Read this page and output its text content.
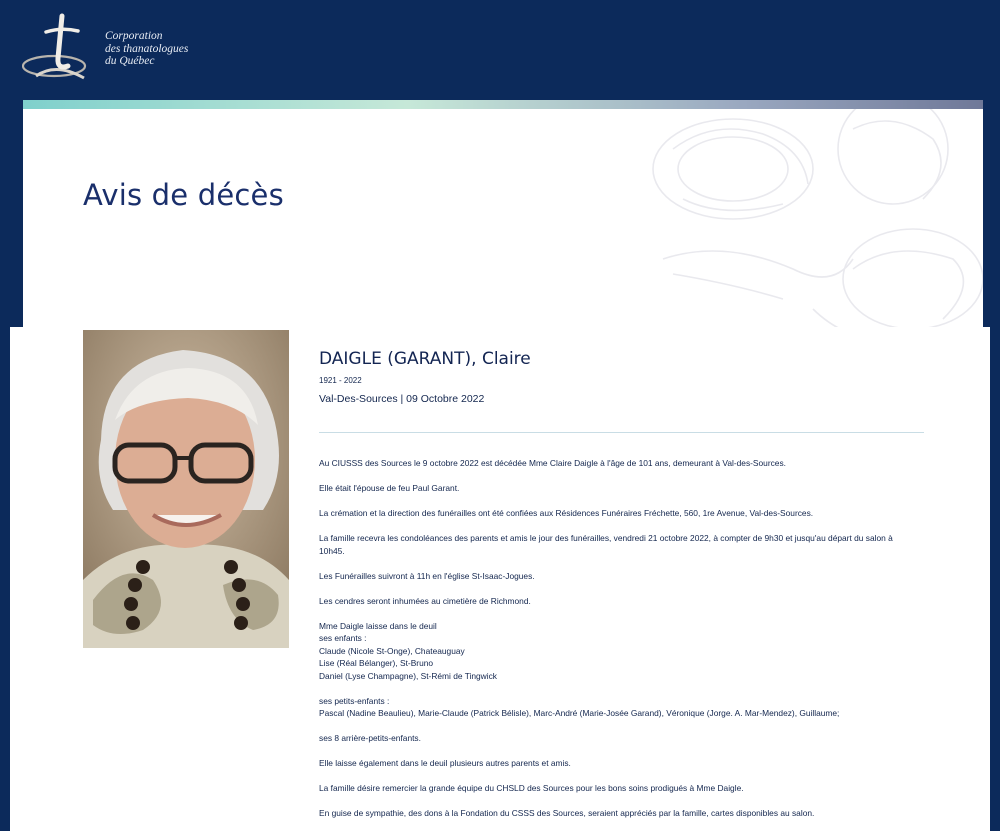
Corporation
des thanatologues
du Québec
Avis de décès
DAIGLE (GARANT), Claire
1921 - 2022
Val-Des-Sources | 09 Octobre 2022

Au CIUSSS des Sources le 9 octobre 2022 est décédée Mme Claire Daigle à l'âge de 101 ans, demeurant à Val-des-Sources.

Elle était l'épouse de feu Paul Garant.

La crémation et la direction des funérailles ont été confiées aux Résidences Funéraires Fréchette, 560, 1re Avenue, Val-des-Sources.

La famille recevra les condoléances des parents et amis le jour des funérailles, vendredi 21 octobre 2022, à compter de 9h30 et jusqu'au départ du salon à
10h45.

Les Funérailles suivront à 11h en l'église St-Isaac-Jogues.

Les cendres seront inhumées au cimetière de Richmond.

Mme Daigle laisse dans le deuil
ses enfants :
Claude (Nicole St-Onge), Chateauguay
Lise (Réal Bélanger), St-Bruno
Daniel (Lyse Champagne), St-Rémi de Tingwick

ses petits-enfants :
Pascal (Nadine Beaulieu), Marie-Claude (Patrick Bélisle), Marc-André (Marie-Josée Garand), Véronique (Jorge. A. Mar-Mendez), Guillaume;

ses 8 arrière-petits-enfants.

Elle laisse également dans le deuil plusieurs autres parents et amis.

La famille désire remercier la grande équipe du CHSLD des Sources pour les bons soins prodigués à Mme Daigle.

En guise de sympathie, des dons à la Fondation du CSSS des Sources, seraient appréciés par la famille, cartes disponibles au salon.
